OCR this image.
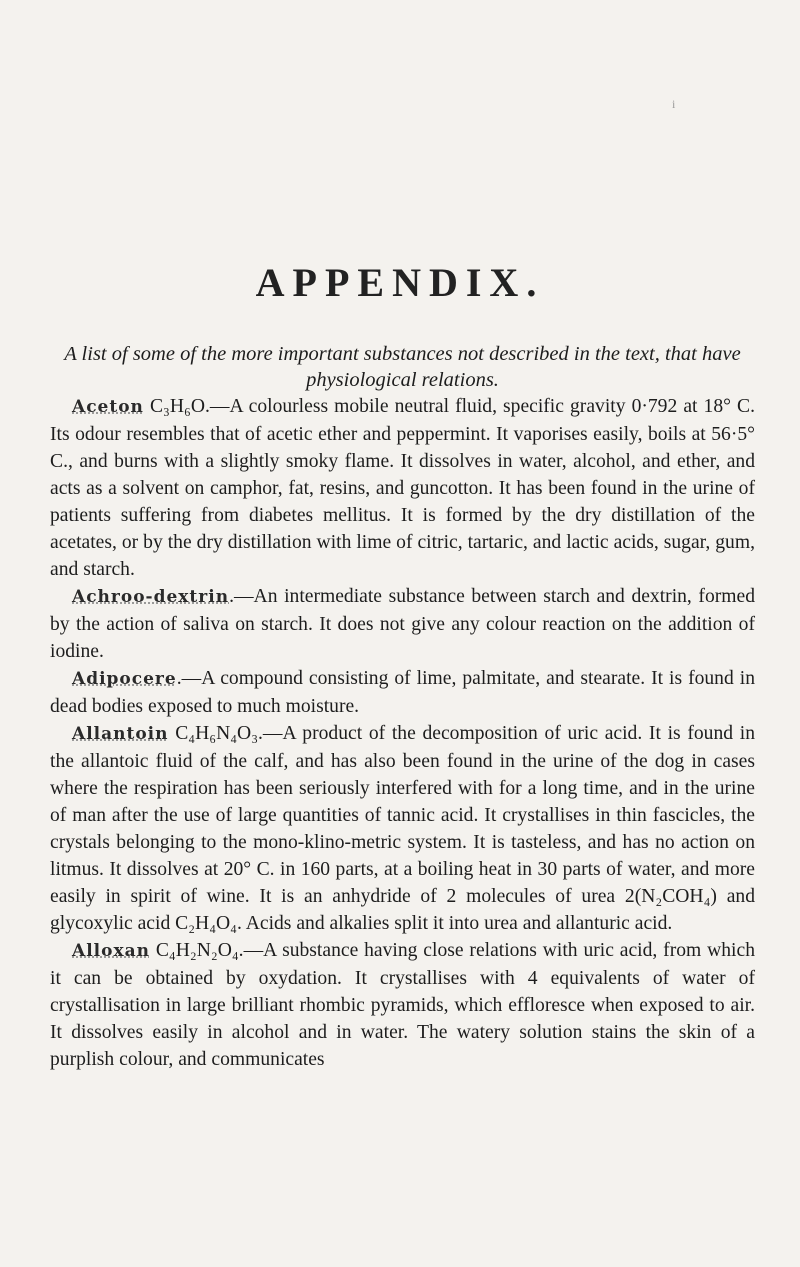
i
APPENDIX.

A list of some of the more important substances not described in the text, that have physiological relations.

Aceton C₃H₆O.—A colourless mobile neutral fluid, specific gravity 0·792 at 18° C. Its odour resembles that of acetic ether and peppermint. It vaporises easily, boils at 56·5° C., and burns with a slightly smoky flame. It dissolves in water, alcohol, and ether, and acts as a solvent on camphor, fat, resins, and guncotton. It has been found in the urine of patients suffering from diabetes mellitus. It is formed by the dry distillation of the acetates, or by the dry distillation with lime of citric, tartaric, and lactic acids, sugar, gum, and starch.

Achroo-dextrin.—An intermediate substance between starch and dextrin, formed by the action of saliva on starch. It does not give any colour reaction on the addition of iodine.

Adipocere.—A compound consisting of lime, palmitate, and stearate. It is found in dead bodies exposed to much moisture.

Allantoin C₄H₆N₄O₃.—A product of the decomposition of uric acid. It is found in the allantoic fluid of the calf, and has also been found in the urine of the dog in cases where the respiration has been seriously interfered with for a long time, and in the urine of man after the use of large quantities of tannic acid. It crystallises in thin fascicles, the crystals belonging to the mono-klino-metric system. It is tasteless, and has no action on litmus. It dissolves at 20° C. in 160 parts, at a boiling heat in 30 parts of water, and more easily in spirit of wine. It is an anhydride of 2 molecules of urea 2(N₂COH₄) and glycoxylic acid C₂H₄O₄. Acids and alkalies split it into urea and allanturic acid.

Alloxan C₄H₂N₂O₄.—A substance having close relations with uric acid, from which it can be obtained by oxydation. It crystallises with 4 equivalents of water of crystallisation in large brilliant rhombic pyramids, which effloresce when exposed to air. It dissolves easily in alcohol and in water. The watery solution stains the skin of a purplish colour, and communicates
